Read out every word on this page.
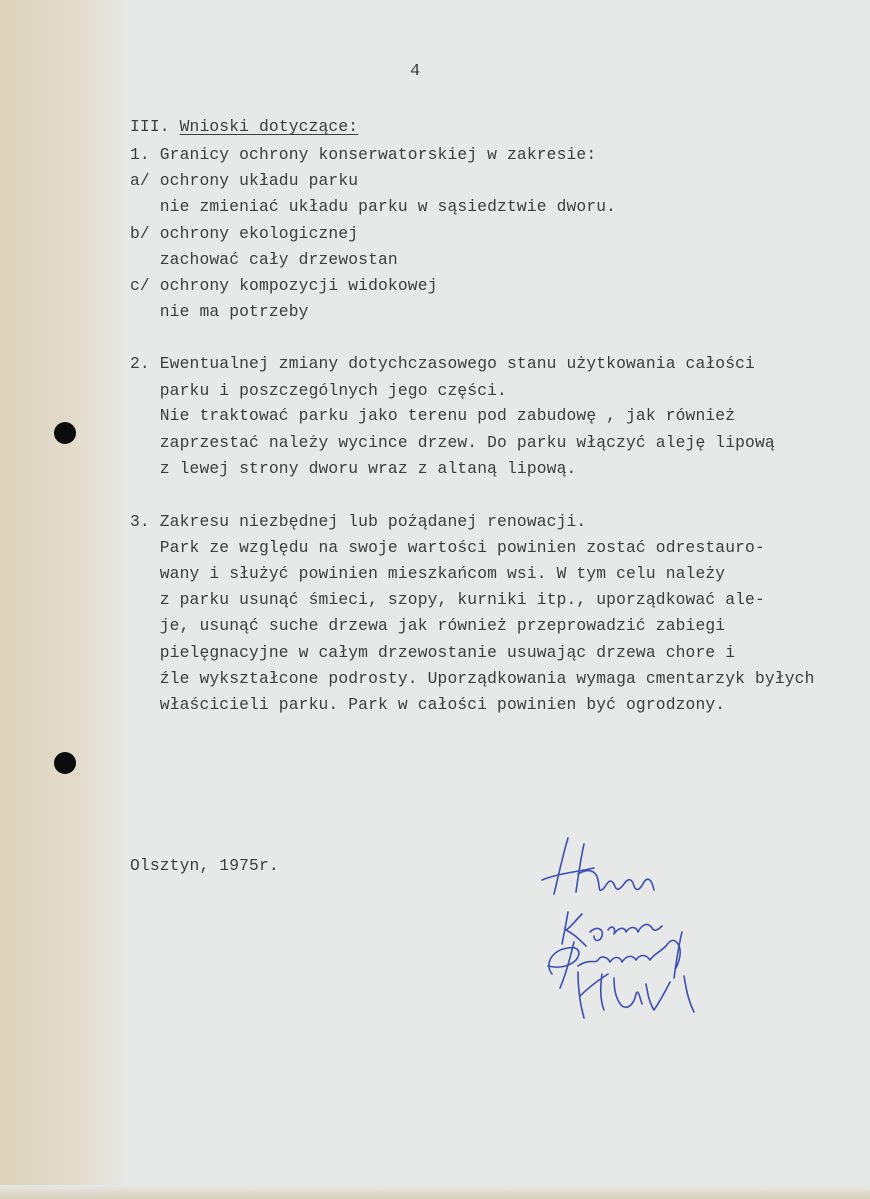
4
III. Wnioski dotyczące:
1. Granicy ochrony konserwatorskiej w zakresie:
a/ ochrony układu parku
nie zmieniać układu parku w sąsiedztwie dworu.
b/ ochrony ekologicznej
zachować cały drzewostan
c/ ochrony kompozycji widokowej
nie ma potrzeby
2. Ewentualnej zmiany dotychczasowego stanu użytkowania całości
parku i poszczególnych jego części.
Nie traktować parku jako terenu pod zabudowę , jak również
zaprzestać należy wycince drzew. Do parku włączyć aleję lipową
z lewej strony dworu wraz z altaną lipową.
3. Zakresu niezbędnej lub pożądanej renowacji.
Park ze względu na swoje wartości powinien zostać odrestauro-
wany i służyć powinien mieszkańcom wsi. W tym celu należy
z parku usunąć śmieci, szopy, kurniki itp., uporządkować ale-
je, usunąć suche drzewa jak również przeprowadzić zabiegi
pielęgnacyjne w całym drzewostanie usuwając drzewa chore i
źle wykształcone podrosty. Uporządkowania wymaga cmentarzyk byłych
właścicieli parku. Park w całości powinien być ogrodzony.
Olsztyn, 1975r.
